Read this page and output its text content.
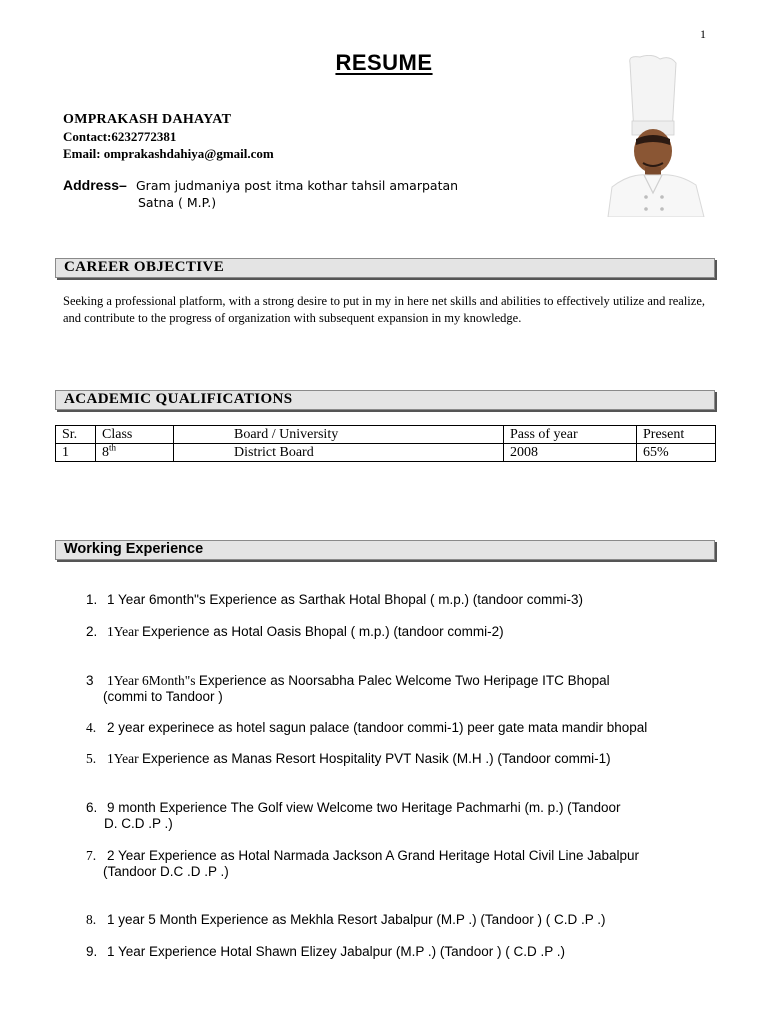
1
RESUME
OMPRAKASH DAHAYAT
Contact:6232772381
Email: omprakashdahiya@gmail.com
Address– Gram judmaniya post itma kothar tahsil amarpatan
Satna ( M.P.)
CAREER OBJECTIVE
Seeking a professional platform, with a strong desire to put in my in here net skills and abilities to effectively utilize and realize, and contribute to the progress of organization with subsequent expansion in my knowledge.
ACADEMIC QUALIFICATIONS
Sr.	Class	Board / University	Pass of year	Present
1	8th	District Board	2008	65%
Working Experience
1. 1 Year 6month"s Experience as Sarthak Hotal Bhopal ( m.p.) (tandoor commi-3)
2. 1Year Experience as Hotal Oasis Bhopal ( m.p.) (tandoor commi-2)
3 1Year 6Month"s Experience as Noorsabha Palec Welcome Two Heripage ITC Bhopal
(commi to Tandoor )
4. 2 year experinece as hotel sagun palace (tandoor commi-1) peer gate mata mandir bhopal
5. 1Year Experience as Manas Resort Hospitality PVT Nasik (M.H .) (Tandoor commi-1)
6. 9 month Experience The Golf view Welcome two Heritage Pachmarhi (m. p.) (Tandoor
D. C.D .P .)
7. 2 Year Experience as Hotal Narmada Jackson A Grand Heritage Hotal Civil Line Jabalpur
(Tandoor D.C .D .P .)
8. 1 year 5 Month Experience as Mekhla Resort Jabalpur (M.P .) (Tandoor ) ( C.D .P .)
9. 1 Year Experience Hotal Shawn Elizey Jabalpur (M.P .) (Tandoor ) ( C.D .P .)
